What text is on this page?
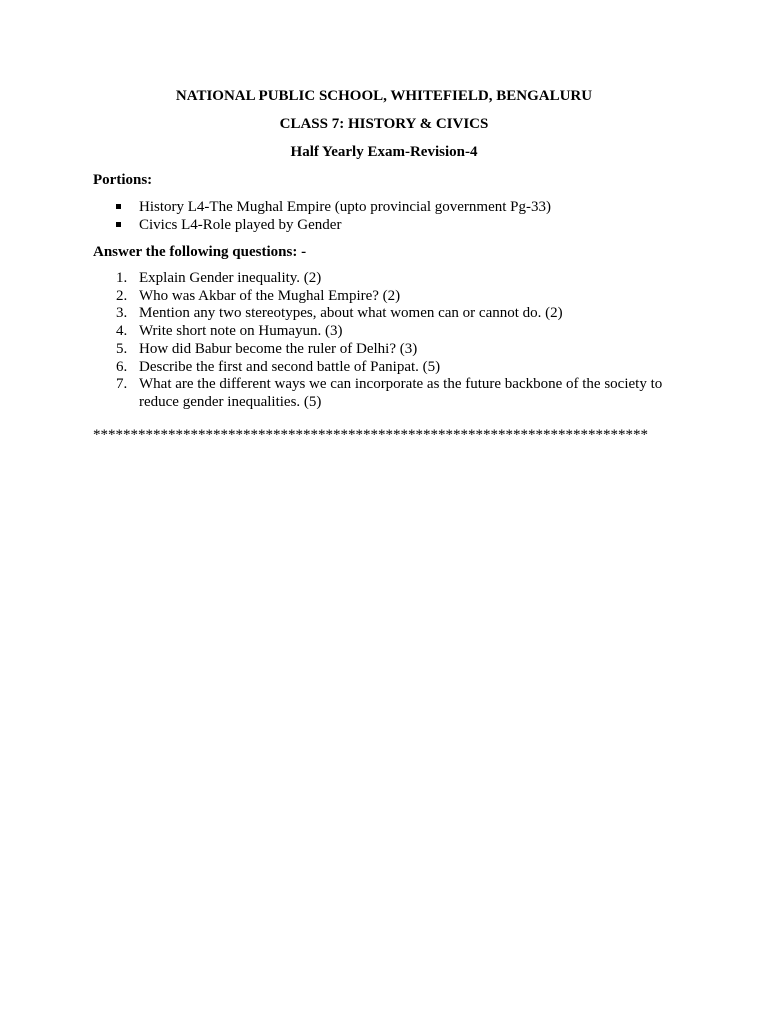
NATIONAL PUBLIC SCHOOL, WHITEFIELD, BENGALURU

CLASS 7: HISTORY & CIVICS

Half Yearly Exam-Revision-4

Portions:

History L4-The Mughal Empire (upto provincial government Pg-33)
Civics L4-Role played by Gender

Answer the following questions: -

1. Explain Gender inequality. (2)
2. Who was Akbar of the Mughal Empire? (2)
3. Mention any two stereotypes, about what women can or cannot do. (2)
4. Write short note on Humayun. (3)
5. How did Babur become the ruler of Delhi? (3)
6. Describe the first and second battle of Panipat. (5)
7. What are the different ways we can incorporate as the future backbone of the society to reduce gender inequalities. (5)

**************************************************************************
